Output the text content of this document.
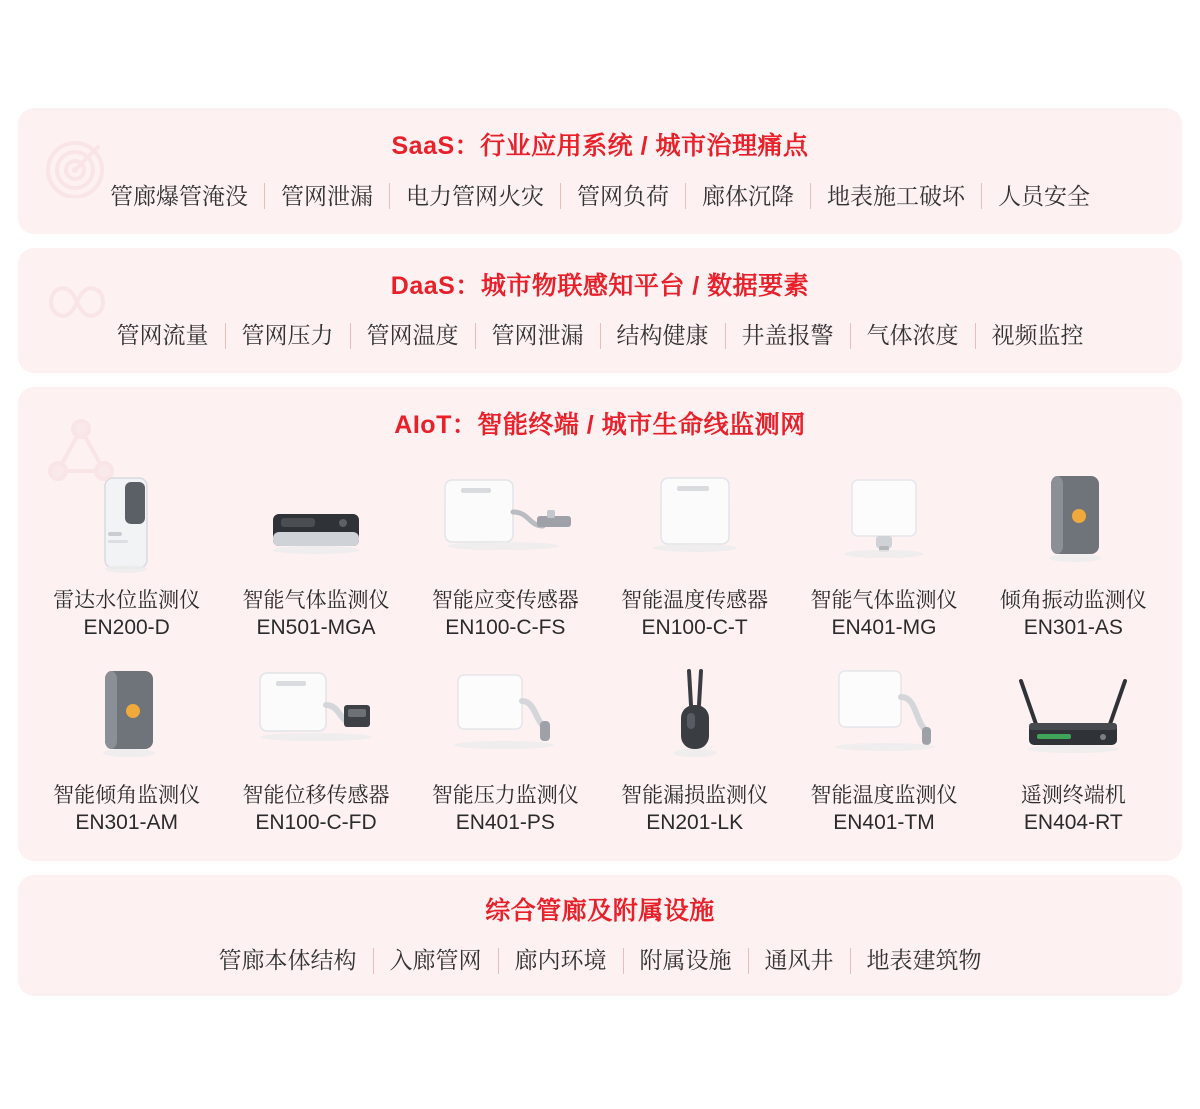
SaaS：行业应用系统 / 城市治理痛点
管廊爆管淹没	管网泄漏	电力管网火灾	管网负荷	廊体沉降	地表施工破坏	人员安全
DaaS：城市物联感知平台 / 数据要素
管网流量	管网压力	管网温度	管网泄漏	结构健康	井盖报警	气体浓度	视频监控
AIoT：智能终端 / 城市生命线监测网
雷达水位监测仪
EN200-D
智能气体监测仪
EN501-MGA
智能应变传感器
EN100-C-FS
智能温度传感器
EN100-C-T
智能气体监测仪
EN401-MG
倾角振动监测仪
EN301-AS
智能倾角监测仪
EN301-AM
智能位移传感器
EN100-C-FD
智能压力监测仪
EN401-PS
智能漏损监测仪
EN201-LK
智能温度监测仪
EN401-TM
遥测终端机
EN404-RT
综合管廊及附属设施
管廊本体结构	入廊管网	廊内环境	附属设施	通风井	地表建筑物
